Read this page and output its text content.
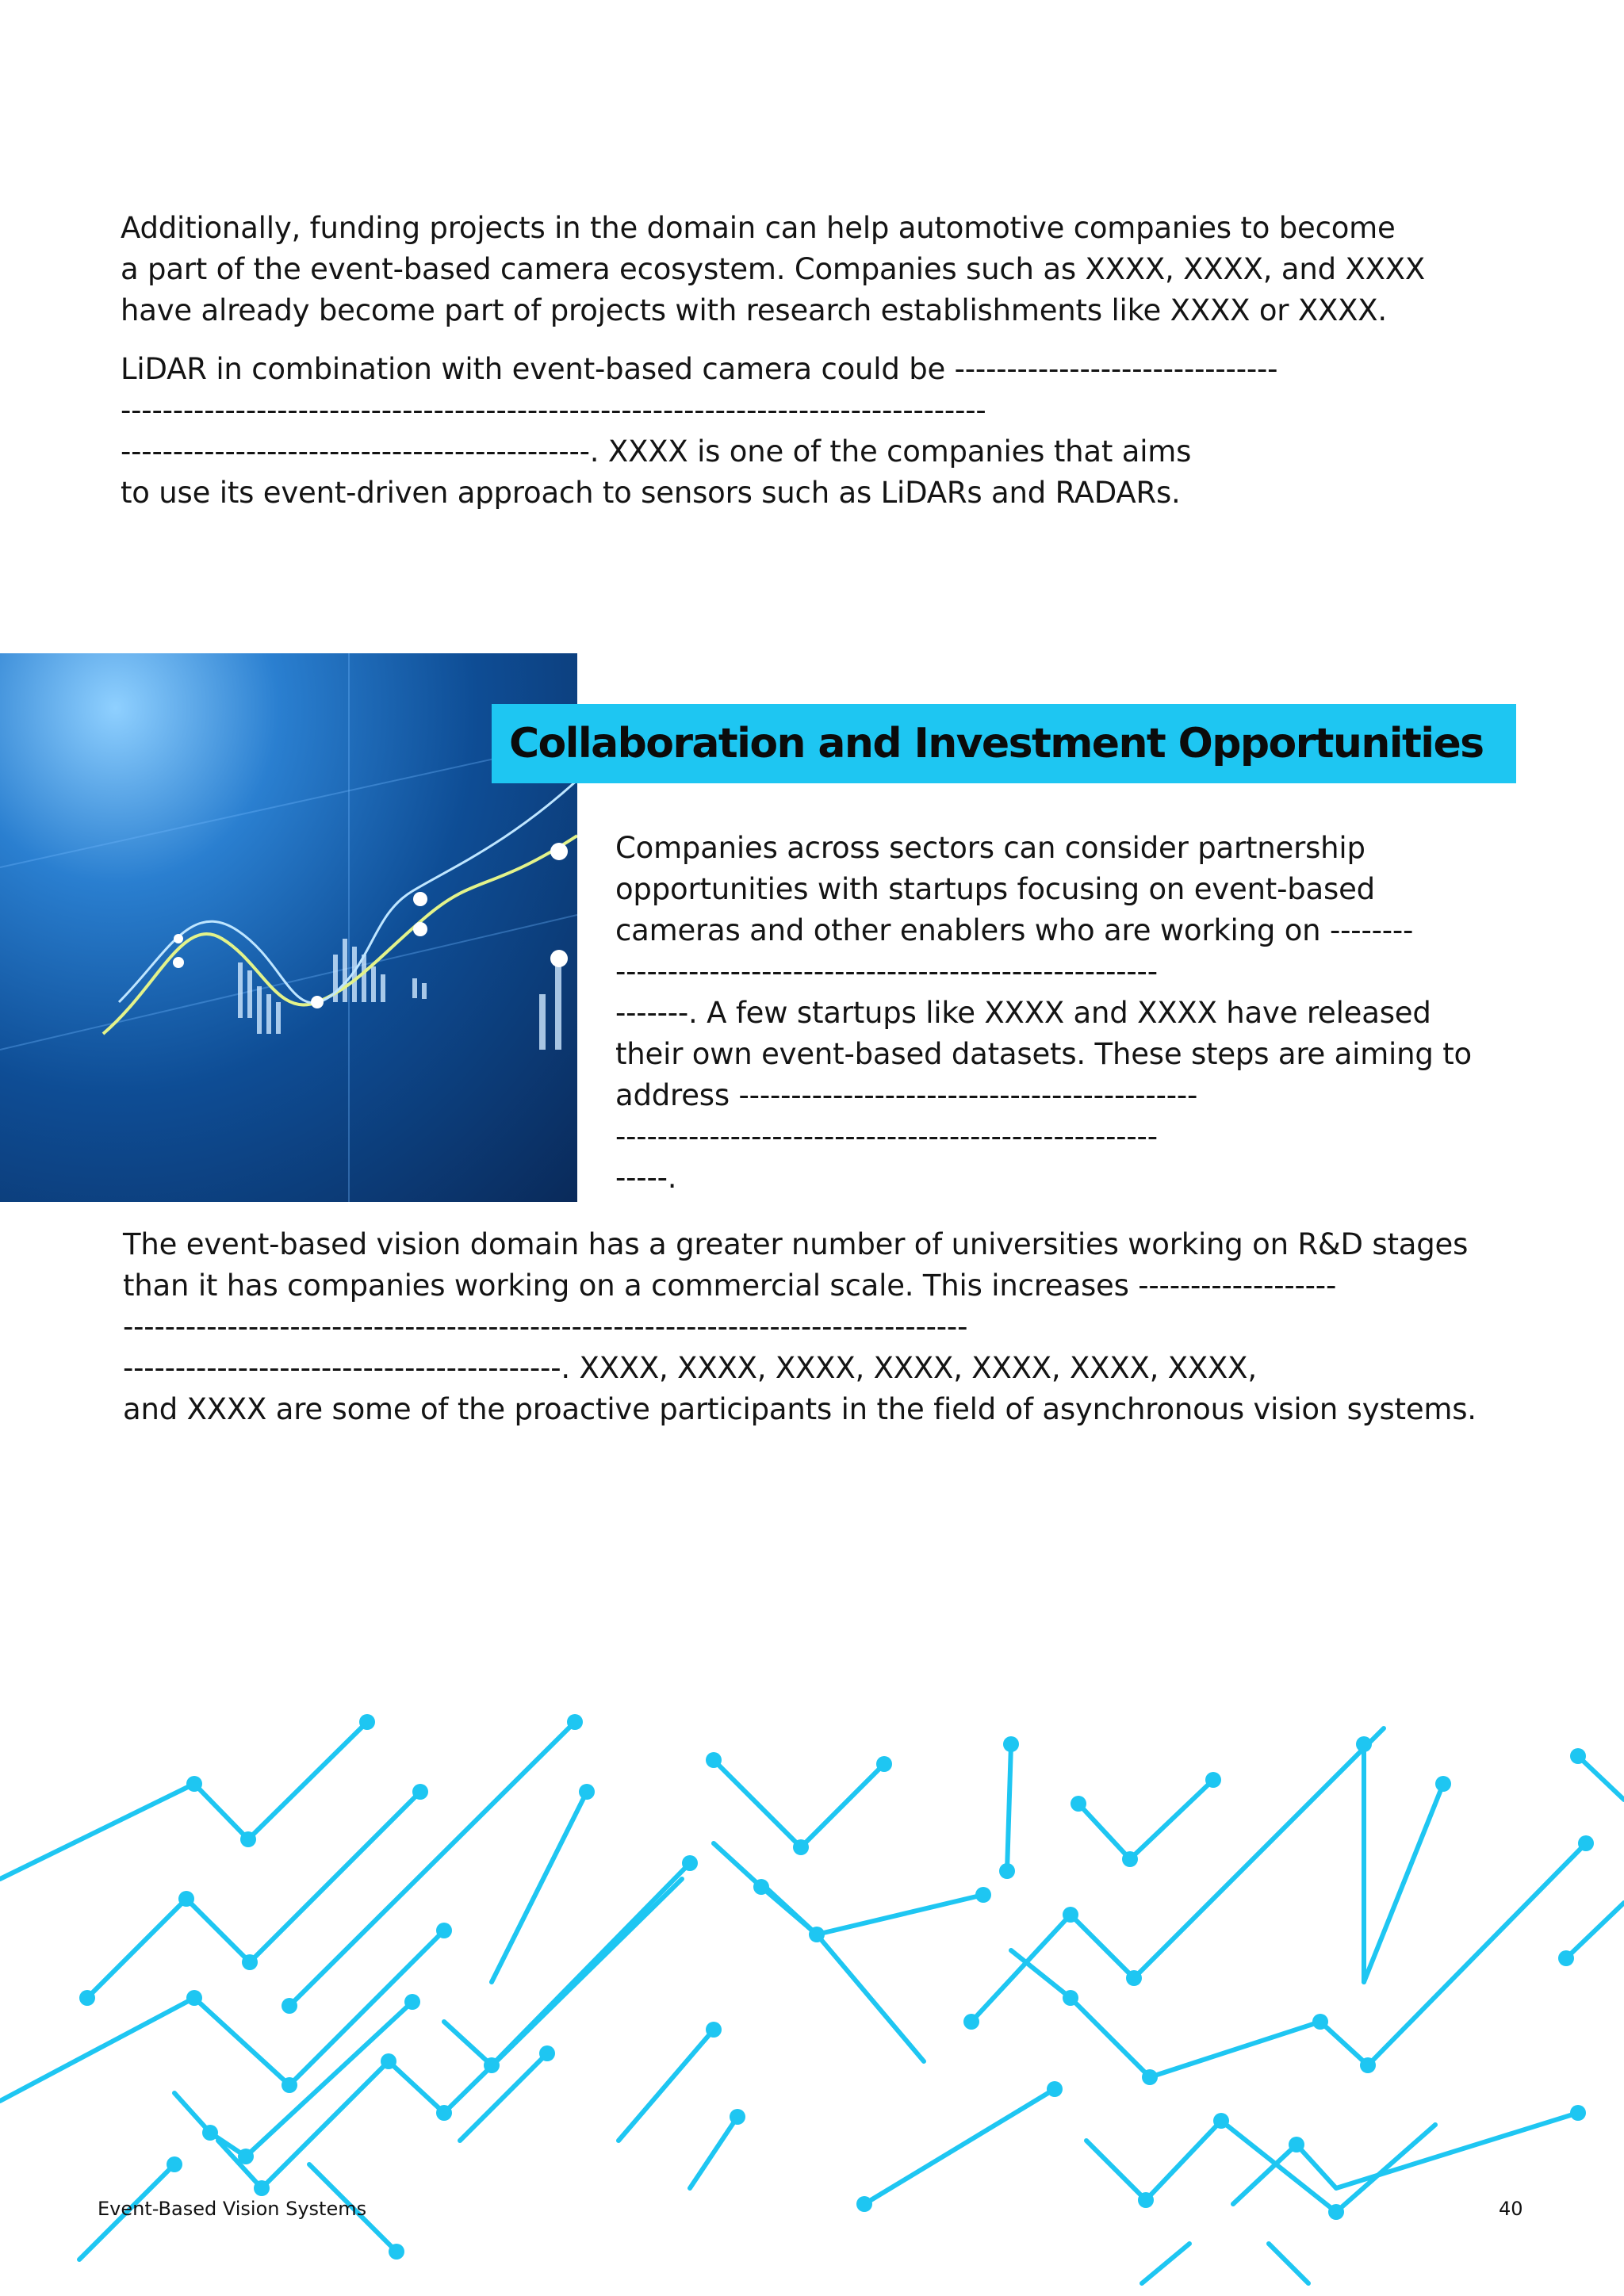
Additionally, funding projects in the domain can help automotive companies to become
a part of the event-based camera ecosystem. Companies such as XXXX, XXXX, and XXXX
have already become part of projects with research establishments like XXXX or XXXX.

LiDAR in combination with event-based camera could be -------------------------------
-----------------------------------------------------------------------------------
---------------------------------------------. XXXX is one of the companies that aims
to use its event-driven approach to sensors such as LiDARs and RADARs.

Collaboration and Investment Opportunities

Companies across sectors can consider partnership
opportunities with startups focusing on event-based
cameras and other enablers who are working on --------
----------------------------------------------------
-------. A few startups like XXXX and XXXX have released
their own event-based datasets. These steps are aiming to
address --------------------------------------------
----------------------------------------------------
-----.

The event-based vision domain has a greater number of universities working on R&D stages
than it has companies working on a commercial scale. This increases -------------------
---------------------------------------------------------------------------------
------------------------------------------. XXXX, XXXX, XXXX, XXXX, XXXX, XXXX, XXXX,
and XXXX are some of the proactive participants in the field of asynchronous vision systems.

Event-Based Vision Systems	40
